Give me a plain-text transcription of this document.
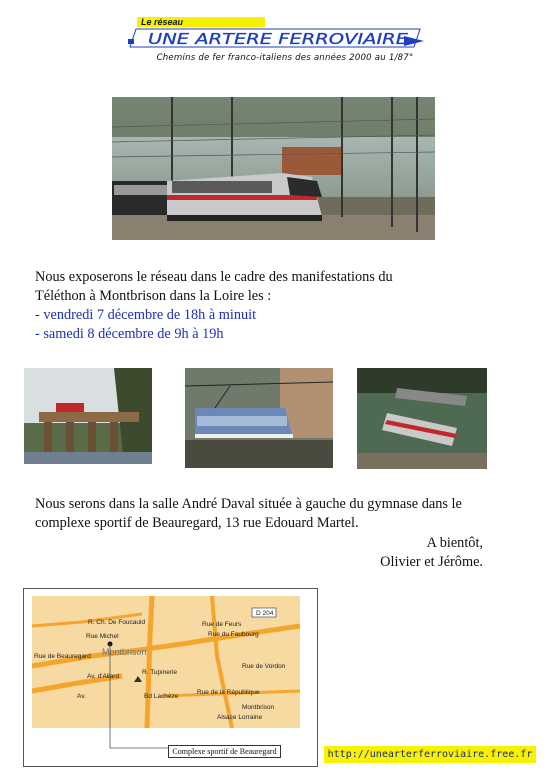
Le réseau
UNE ARTERE FERROVIAIRE
Chemins de fer franco-italiens des années 2000 au 1/87°
Nous exposerons le réseau dans le cadre des manifestations du
Téléthon à Montbrison dans la Loire les :
- vendredi 7 décembre de 18h à minuit
- samedi 8 décembre de 9h à 19h
Nous serons dans la salle André Daval située à gauche du gymnase dans le
complexe sportif de Beauregard, 13 rue Edouard Martel.
A bientôt,
Olivier et Jérôme.
R. Ch. De Foucauld
Rue de Beauregard
Av. d'Allard
R. Tupinerie
Rue de la République
Bd Lachèze
Alsace Lorraine
Montbrison
Rue de Feurs
Rue du Faubourg
Rue de Vordon
D 204
Rue Michel
Av.
Montbrison
Complexe sportif de Beauregard	http://unearterferroviaire.free.fr
